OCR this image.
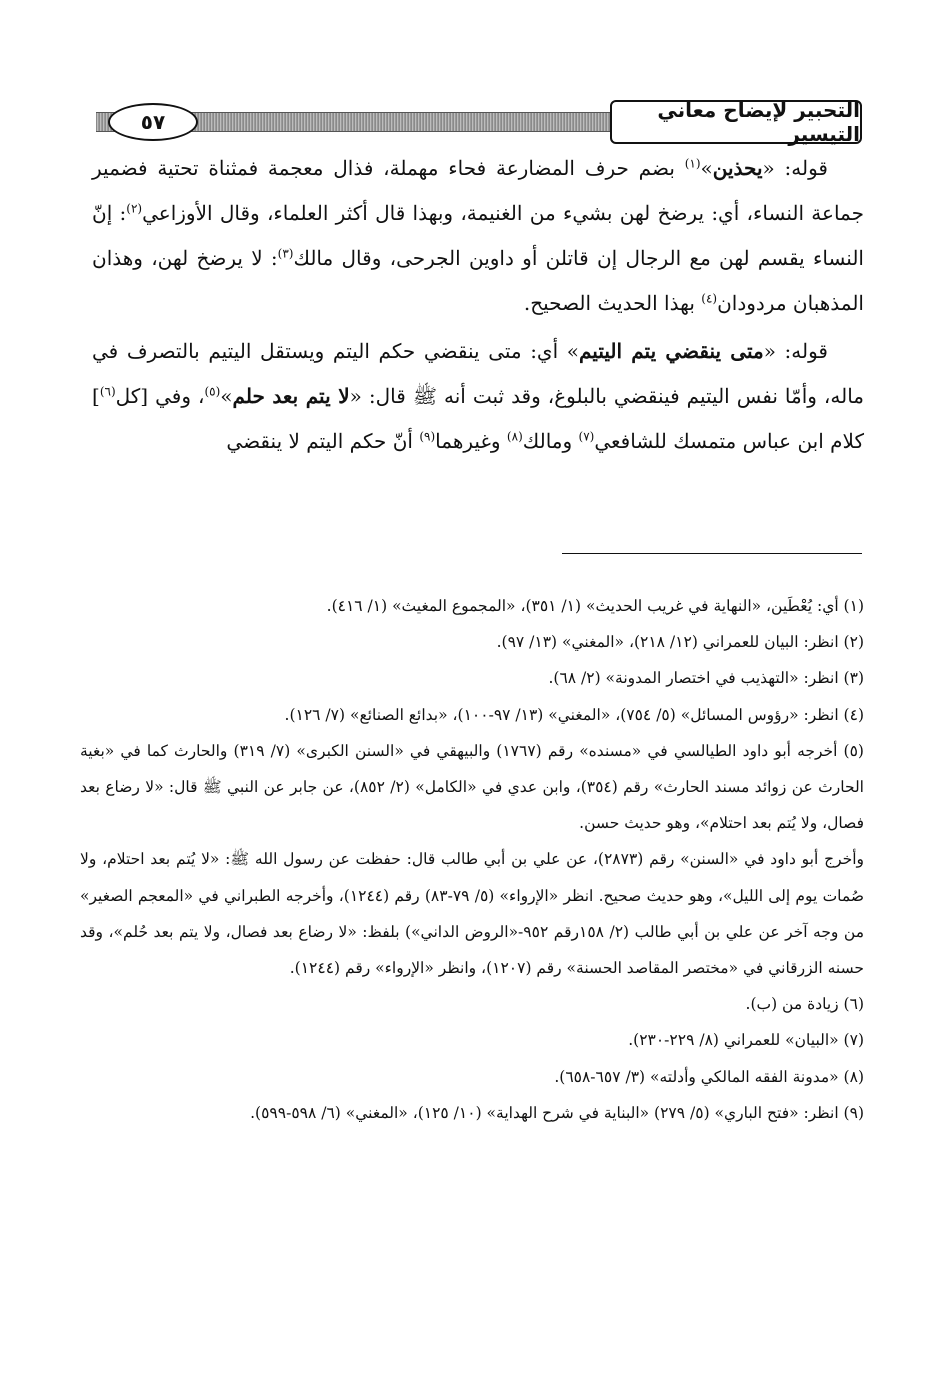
التحبير لإيضاح معاني التيسير
٥٧

قوله: «يحذين»$^{(١)}$ بضم حرف المضارعة فحاء مهملة، فذال معجمة فمثناة تحتية فضمير جماعة النساء، أي: يرضخ لهن بشيء من الغنيمة، وبهذا قال أكثر العلماء، وقال الأوزاعي$^{(٢)}$: إنّ النساء يقسم لهن مع الرجال إن قاتلن أو داوين الجرحى، وقال مالك$^{(٣)}$: لا يرضخ لهن، وهذان المذهبان مردودان$^{(٤)}$ بهذا الحديث الصحيح.

قوله: «متى ينقضي يتم اليتيم» أي: متى ينقضي حكم اليتم ويستقل اليتيم بالتصرف في ماله، وأمّا نفس اليتيم فينقضي بالبلوغ، وقد ثبت أنه ﷺ قال: «لا يتم بعد حلم»$^{(٥)}$، وفي [كل$^{(٦)}$] كلام ابن عباس متمسك للشافعي$^{(٧)}$ ومالك$^{(٨)}$ وغيرهما$^{(٩)}$ أنّ حكم اليتم لا ينقضي

(١) أي: يُعْطَين، «النهاية في غريب الحديث» (١/ ٣٥١)، «المجموع المغيث» (١/ ٤١٦).

(٢) انظر: البيان للعمراني (١٢/ ٢١٨)، «المغني» (١٣/ ٩٧).

(٣) انظر: «التهذيب في اختصار المدونة» (٢/ ٦٨).

(٤) انظر: «رؤوس المسائل» (٥/ ٧٥٤)، «المغني» (١٣/ ٩٧-١٠٠)، «بدائع الصنائع» (٧/ ١٢٦).

(٥) أخرجه أبو داود الطيالسي في «مسنده» رقم (١٧٦٧) والبيهقي في «السنن الكبرى» (٧/ ٣١٩) والحارث كما في «بغية الحارث عن زوائد مسند الحارث» رقم (٣٥٤)، وابن عدي في «الكامل» (٢/ ٨٥٢)، عن جابر عن النبي ﷺ قال: «لا رضاع بعد فصال، ولا يُتم بعد احتلام»، وهو حديث حسن.

وأخرج أبو داود في «السنن» رقم (٢٨٧٣)، عن علي بن أبي طالب قال: حفظت عن رسول الله ﷺ: «لا يُتم بعد احتلام، ولا صُمات يوم إلى الليل»، وهو حديث صحيح. انظر «الإرواء» (٥/ ٧٩-٨٣) رقم (١٢٤٤)، وأخرجه الطبراني في «المعجم الصغير» من وجه آخر عن علي بن أبي طالب (٢/ ١٥٨رقم ٩٥٢-«الروض الداني») بلفظ: «لا رضاع بعد فصال، ولا يتم بعد حُلم»، وقد حسنه الزرقاني في «مختصر المقاصد الحسنة» رقم (١٢٠٧)، وانظر «الإرواء» رقم (١٢٤٤).

(٦) زيادة من (ب).

(٧) «البيان» للعمراني (٨/ ٢٢٩-٢٣٠).

(٨) «مدونة الفقه المالكي وأدلته» (٣/ ٦٥٧-٦٥٨).

(٩) انظر: «فتح الباري» (٥/ ٢٧٩) «البناية في شرح الهداية» (١٠/ ١٢٥)، «المغني» (٦/ ٥٩٨-٥٩٩).
